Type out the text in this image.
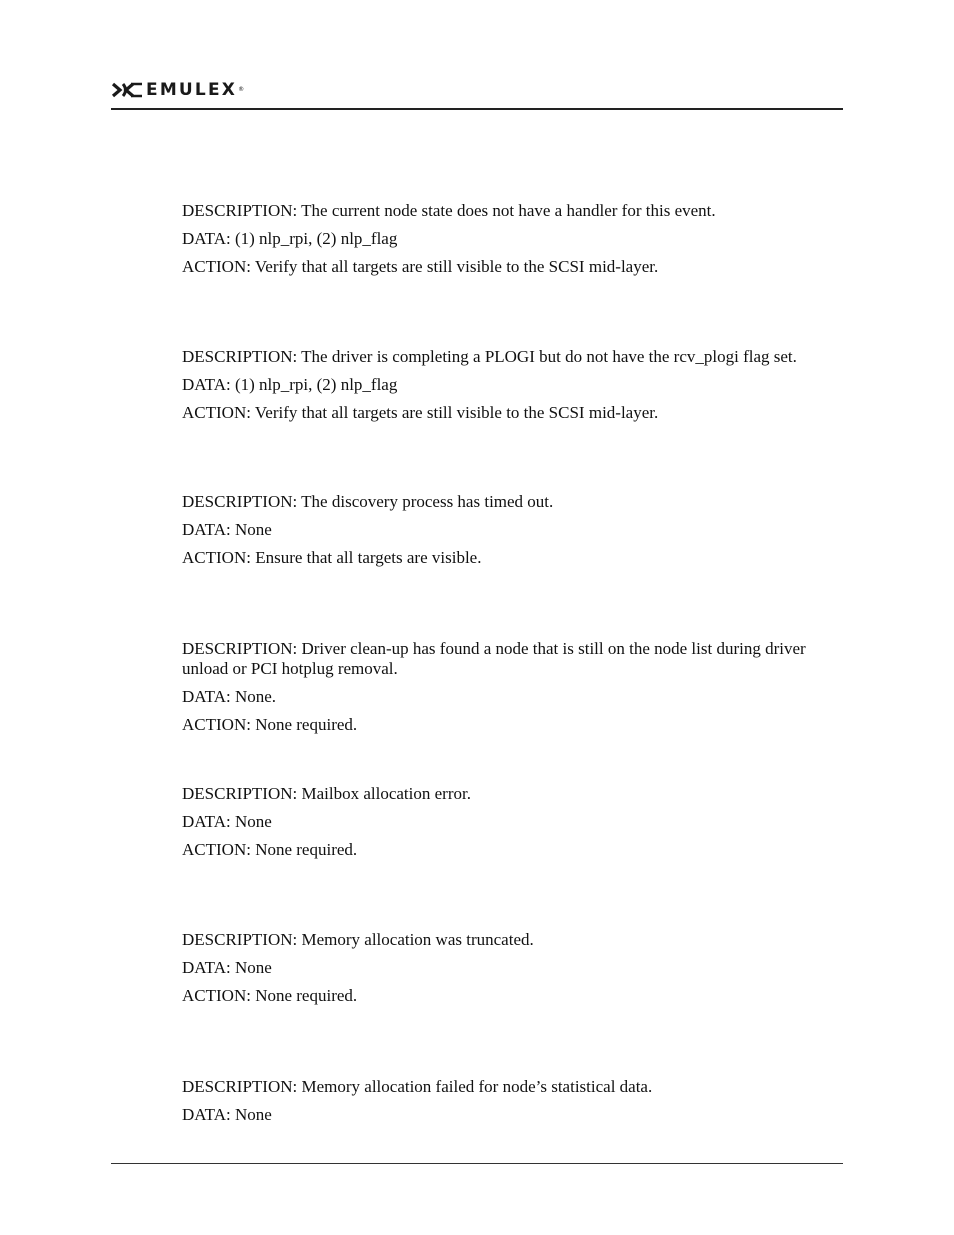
EMULEX ®
DESCRIPTION: The current node state does not have a handler for this event.
DATA: (1) nlp_rpi, (2) nlp_flag
ACTION: Verify that all targets are still visible to the SCSI mid-layer.
DESCRIPTION: The driver is completing a PLOGI but do not have the rcv_plogi flag set.
DATA: (1) nlp_rpi, (2) nlp_flag
ACTION: Verify that all targets are still visible to the SCSI mid-layer.
DESCRIPTION: The discovery process has timed out.
DATA: None
ACTION: Ensure that all targets are visible.
DESCRIPTION: Driver clean-up has found a node that is still on the node list during driver unload or PCI hotplug removal.
DATA: None.
ACTION: None required.
DESCRIPTION: Mailbox allocation error.
DATA: None
ACTION: None required.
DESCRIPTION: Memory allocation was truncated.
DATA: None
ACTION: None required.
DESCRIPTION: Memory allocation failed for node’s statistical data.
DATA: None
